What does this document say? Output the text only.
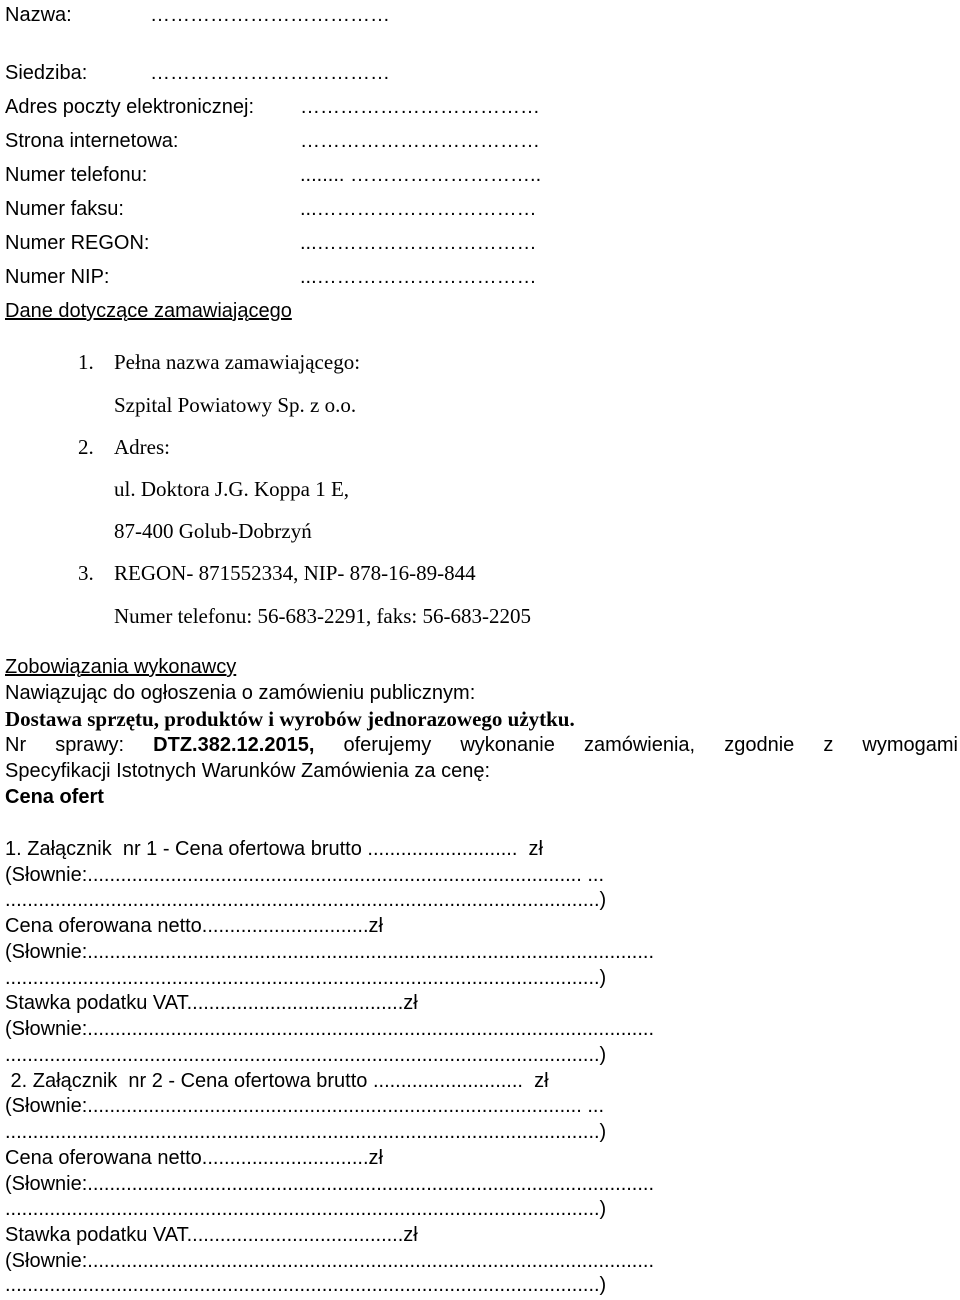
Nazwa:	………………………………
Siedziba:	………………………………
Adres poczty elektronicznej: ………………………………
Strona internetowa:	………………………………
Numer telefonu:	........ ………………………..
Numer faksu:	...……………………………
Numer REGON:	...……………………………
Numer NIP:	...……………………………
Dane dotyczące zamawiającego
1. Pełna nazwa zamawiającego:
Szpital Powiatowy Sp. z o.o.
2. Adres:
ul. Doktora J.G. Koppa 1 E,
87-400 Golub-Dobrzyń
3. REGON- 871552334, NIP- 878-16-89-844
Numer telefonu: 56-683-2291, faks: 56-683-2205
Zobowiązania wykonawcy
Nawiązując do ogłoszenia o zamówieniu publicznym:
Dostawa sprzętu, produktów i wyrobów jednorazowego użytku.
Nr sprawy: DTZ.382.12.2015, oferujemy wykonanie zamówienia, zgodnie z wymogami
Specyfikacji Istotnych Warunków Zamówienia za cenę:
Cena ofert
1. Załącznik  nr 1 - Cena ofertowa brutto ...........................  zł
(Słownie:......................................................................................... ...
...........................................................................................................)
Cena oferowana netto..............................zł
(Słownie:......................................................................................................
...........................................................................................................)
Stawka podatku VAT.......................................zł
(Słownie:......................................................................................................
...........................................................................................................)
2. Załącznik  nr 2 - Cena ofertowa brutto ...........................  zł
(Słownie:......................................................................................... ...
...........................................................................................................)
Cena oferowana netto..............................zł
(Słownie:......................................................................................................
...........................................................................................................)
Stawka podatku VAT.......................................zł
(Słownie:......................................................................................................
...........................................................................................................)
